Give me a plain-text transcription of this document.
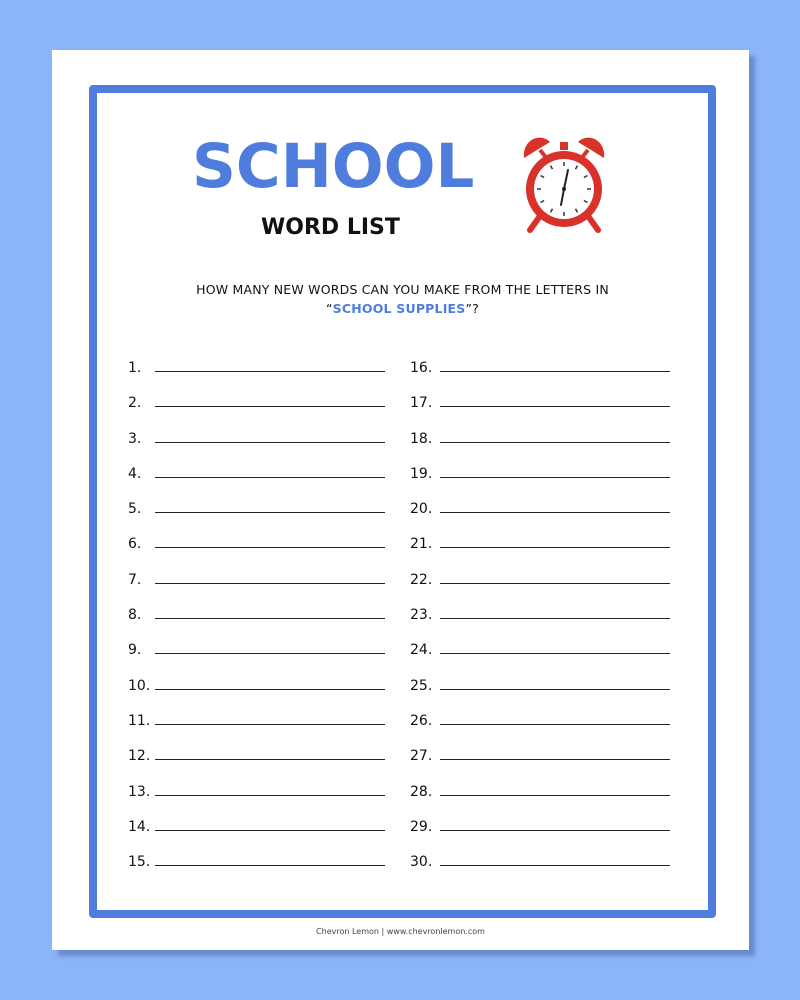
SCHOOL
WORD LIST
HOW MANY NEW WORDS CAN YOU MAKE FROM THE LETTERS IN
“SCHOOL SUPPLIES”?
1.
2.
3.
4.
5.
6.
7.
8.
9.
10.
11.
12.
13.
14.
15.
16.
17.
18.
19.
20.
21.
22.
23.
24.
25.
26.
27.
28.
29.
30.
Chevron Lemon | www.chevronlemon.com
